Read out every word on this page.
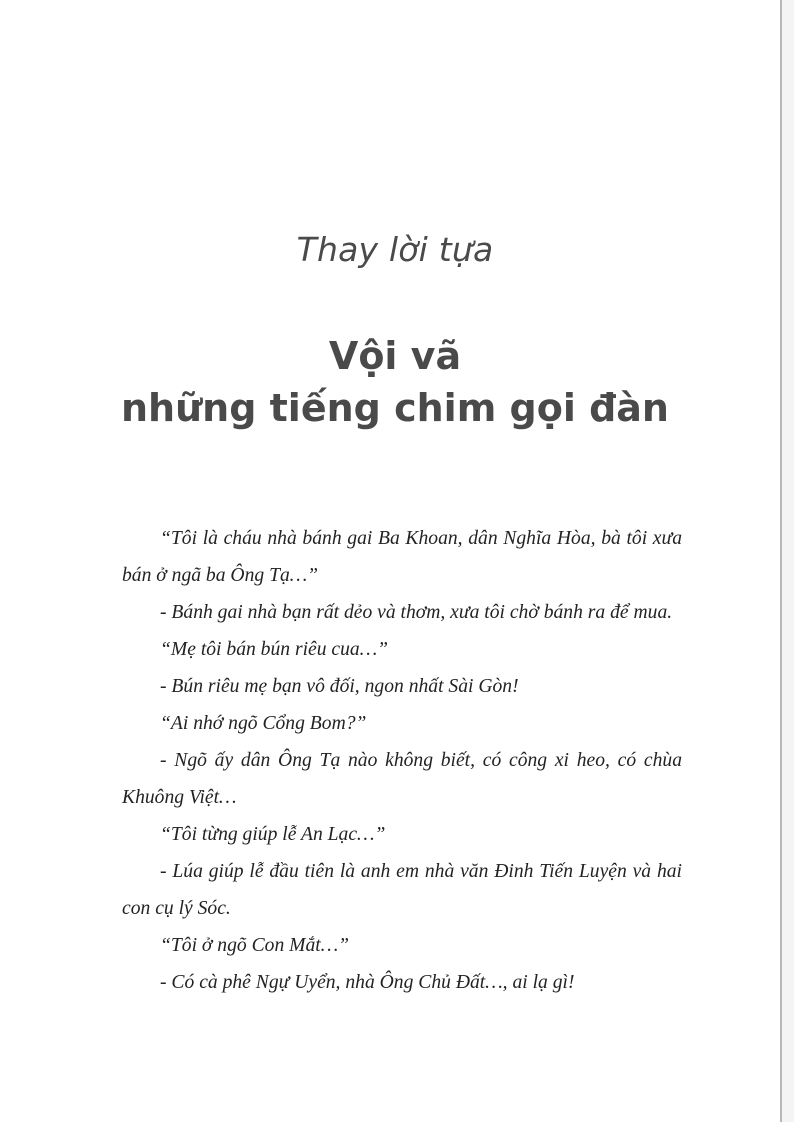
Thay lời tựa
Vội vã
những tiếng chim gọi đàn

“Tôi là cháu nhà bánh gai Ba Khoan, dân Nghĩa Hòa, bà tôi xưa bán ở ngã ba Ông Tạ…”

- Bánh gai nhà bạn rất dẻo và thơm, xưa tôi chờ bánh ra để mua.

“Mẹ tôi bán bún riêu cua…”

- Bún riêu mẹ bạn vô đối, ngon nhất Sài Gòn!

“Ai nhớ ngõ Cổng Bom?”

- Ngõ ấy dân Ông Tạ nào không biết, có công xi heo, có chùa Khuông Việt…

“Tôi từng giúp lễ An Lạc…”

- Lúa giúp lễ đầu tiên là anh em nhà văn Đinh Tiến Luyện và hai con cụ lý Sóc.

“Tôi ở ngõ Con Mắt…”

- Có cà phê Ngự Uyển, nhà Ông Chủ Đất…, ai lạ gì!
